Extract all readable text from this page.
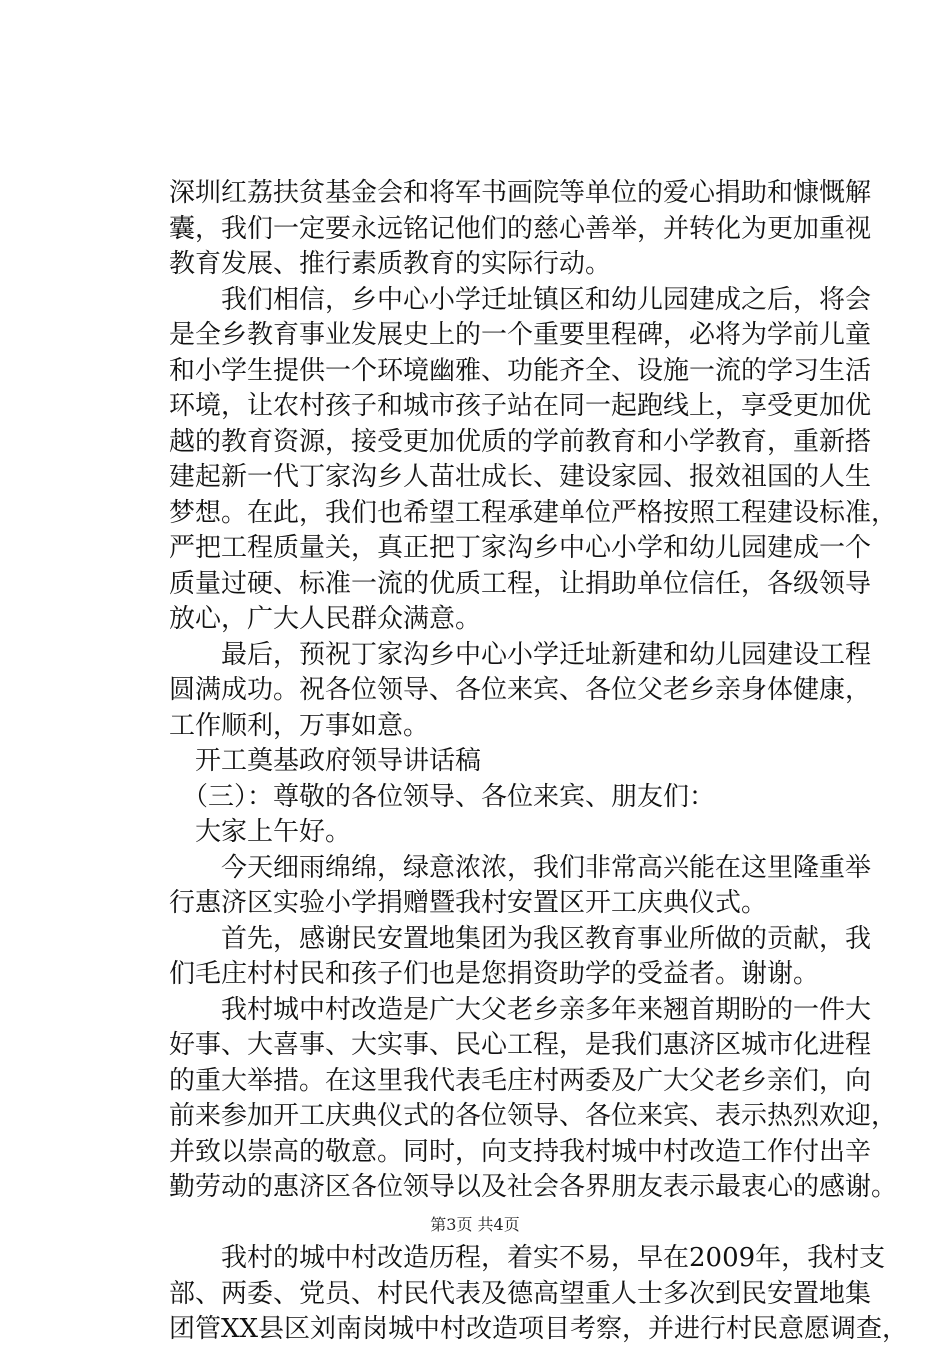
深圳红荔扶贫基金会和将军书画院等单位的爱心捐助和慷慨解
囊，我们一定要永远铭记他们的慈心善举，并转化为更加重视
教育发展、推行素质教育的实际行动。
　　我们相信，乡中心小学迁址镇区和幼儿园建成之后，将会
是全乡教育事业发展史上的一个重要里程碑，必将为学前儿童
和小学生提供一个环境幽雅、功能齐全、设施一流的学习生活
环境，让农村孩子和城市孩子站在同一起跑线上，享受更加优
越的教育资源，接受更加优质的学前教育和小学教育，重新搭
建起新一代丁家沟乡人苗壮成长、建设家园、报效祖国的人生
梦想。在此，我们也希望工程承建单位严格按照工程建设标准，
严把工程质量关，真正把丁家沟乡中心小学和幼儿园建成一个
质量过硬、标准一流的优质工程，让捐助单位信任，各级领导
放心，广大人民群众满意。
　　最后，预祝丁家沟乡中心小学迁址新建和幼儿园建设工程
圆满成功。祝各位领导、各位来宾、各位父老乡亲身体健康，
工作顺利，万事如意。
　开工奠基政府领导讲话稿
　（三）：尊敬的各位领导、各位来宾、朋友们：
　大家上午好。
　　今天细雨绵绵，绿意浓浓，我们非常高兴能在这里隆重举
行惠济区实验小学捐赠暨我村安置区开工庆典仪式。
　　首先，感谢民安置地集团为我区教育事业所做的贡献，我
们毛庄村村民和孩子们也是您捐资助学的受益者。谢谢。
　　我村城中村改造是广大父老乡亲多年来翘首期盼的一件大
好事、大喜事、大实事、民心工程，是我们惠济区城市化进程
的重大举措。在这里我代表毛庄村两委及广大父老乡亲们，向
前来参加开工庆典仪式的各位领导、各位来宾、表示热烈欢迎，
并致以崇高的敬意。同时，向支持我村城中村改造工作付出辛
勤劳动的惠济区各位领导以及社会各界朋友表示最衷心的感谢。
　　我村的城中村改造历程，着实不易，早在2009年，我村支
部、两委、党员、村民代表及德高望重人士多次到民安置地集
团管XX县区刘南岗城中村改造项目考察，并进行村民意愿调查，
第3页 共4页
